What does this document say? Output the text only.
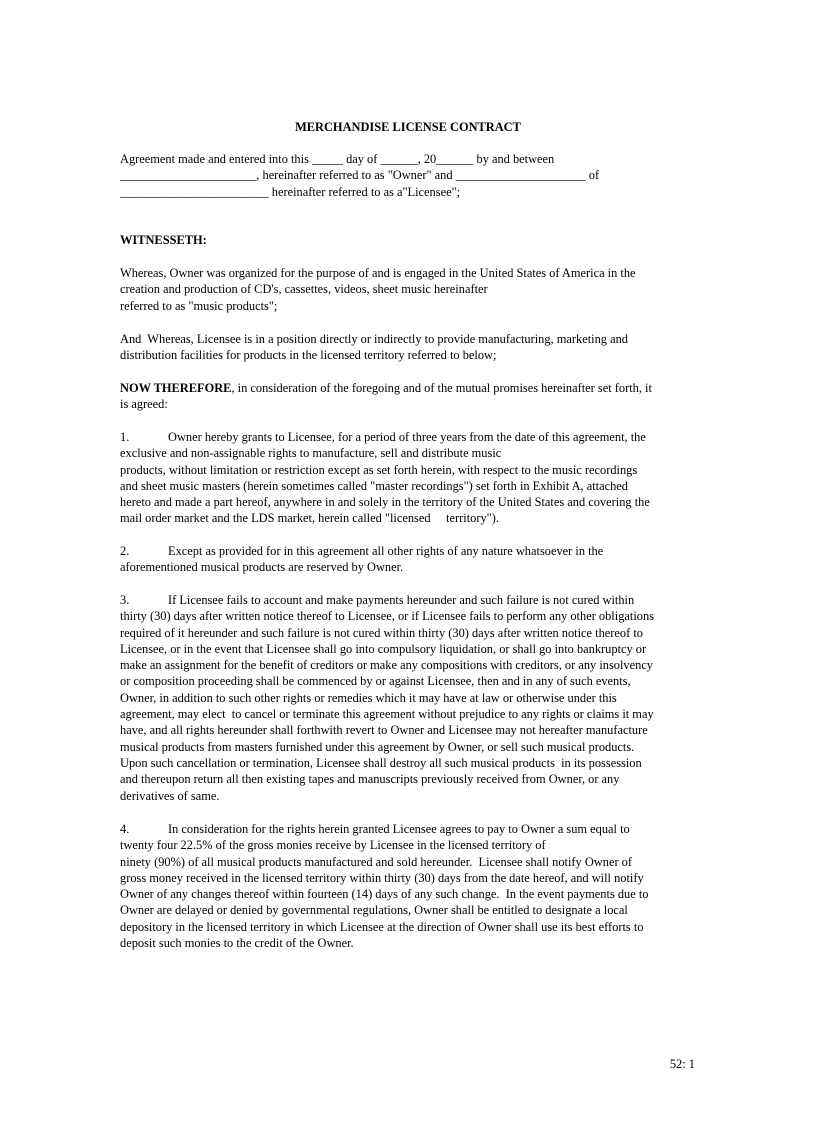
MERCHANDISE LICENSE CONTRACT
Agreement made and entered into this _____ day of ______, 20______ by and between
______________________, hereinafter referred to as "Owner" and _____________________ of
________________________ hereinafter referred to as a"Licensee";
WITNESSETH:
Whereas, Owner was organized for the purpose of and is engaged in the United States of America in the
creation and production of CD's, cassettes, videos, sheet music hereinafter
referred to as "music products";
And  Whereas, Licensee is in a position directly or indirectly to provide manufacturing, marketing and
distribution facilities for products in the licensed territory referred to below;
NOW THEREFORE, in consideration of the foregoing and of the mutual promises hereinafter set forth, it
is agreed:
1.	Owner hereby grants to Licensee, for a period of three years from the date of this agreement, the
exclusive and non-assignable rights to manufacture, sell and distribute music
products, without limitation or restriction except as set forth herein, with respect to the music recordings
and sheet music masters (herein sometimes called "master recordings") set forth in Exhibit A, attached
hereto and made a part hereof, anywhere in and solely in the territory of the United States and covering the
mail order market and the LDS market, herein called "licensed     territory").
2.	Except as provided for in this agreement all other rights of any nature whatsoever in the
aforementioned musical products are reserved by Owner.
3.	If Licensee fails to account and make payments hereunder and such failure is not cured within
thirty (30) days after written notice thereof to Licensee, or if Licensee fails to perform any other obligations
required of it hereunder and such failure is not cured within thirty (30) days after written notice thereof to
Licensee, or in the event that Licensee shall go into compulsory liquidation, or shall go into bankruptcy or
make an assignment for the benefit of creditors or make any compositions with creditors, or any insolvency
or composition proceeding shall be commenced by or against Licensee, then and in any of such events,
Owner, in addition to such other rights or remedies which it may have at law or otherwise under this
agreement, may elect  to cancel or terminate this agreement without prejudice to any rights or claims it may
have, and all rights hereunder shall forthwith revert to Owner and Licensee may not hereafter manufacture
musical products from masters furnished under this agreement by Owner, or sell such musical products.
Upon such cancellation or termination, Licensee shall destroy all such musical products  in its possession
and thereupon return all then existing tapes and manuscripts previously received from Owner, or any
derivatives of same.
4.	In consideration for the rights herein granted Licensee agrees to pay to Owner a sum equal to
twenty four 22.5% of the gross monies receive by Licensee in the licensed territory of
ninety (90%) of all musical products manufactured and sold hereunder.  Licensee shall notify Owner of
gross money received in the licensed territory within thirty (30) days from the date hereof, and will notify
Owner of any changes thereof within fourteen (14) days of any such change.  In the event payments due to
Owner are delayed or denied by governmental regulations, Owner shall be entitled to designate a local
depository in the licensed territory in which Licensee at the direction of Owner shall use its best efforts to
deposit such monies to the credit of the Owner.
52: 1
